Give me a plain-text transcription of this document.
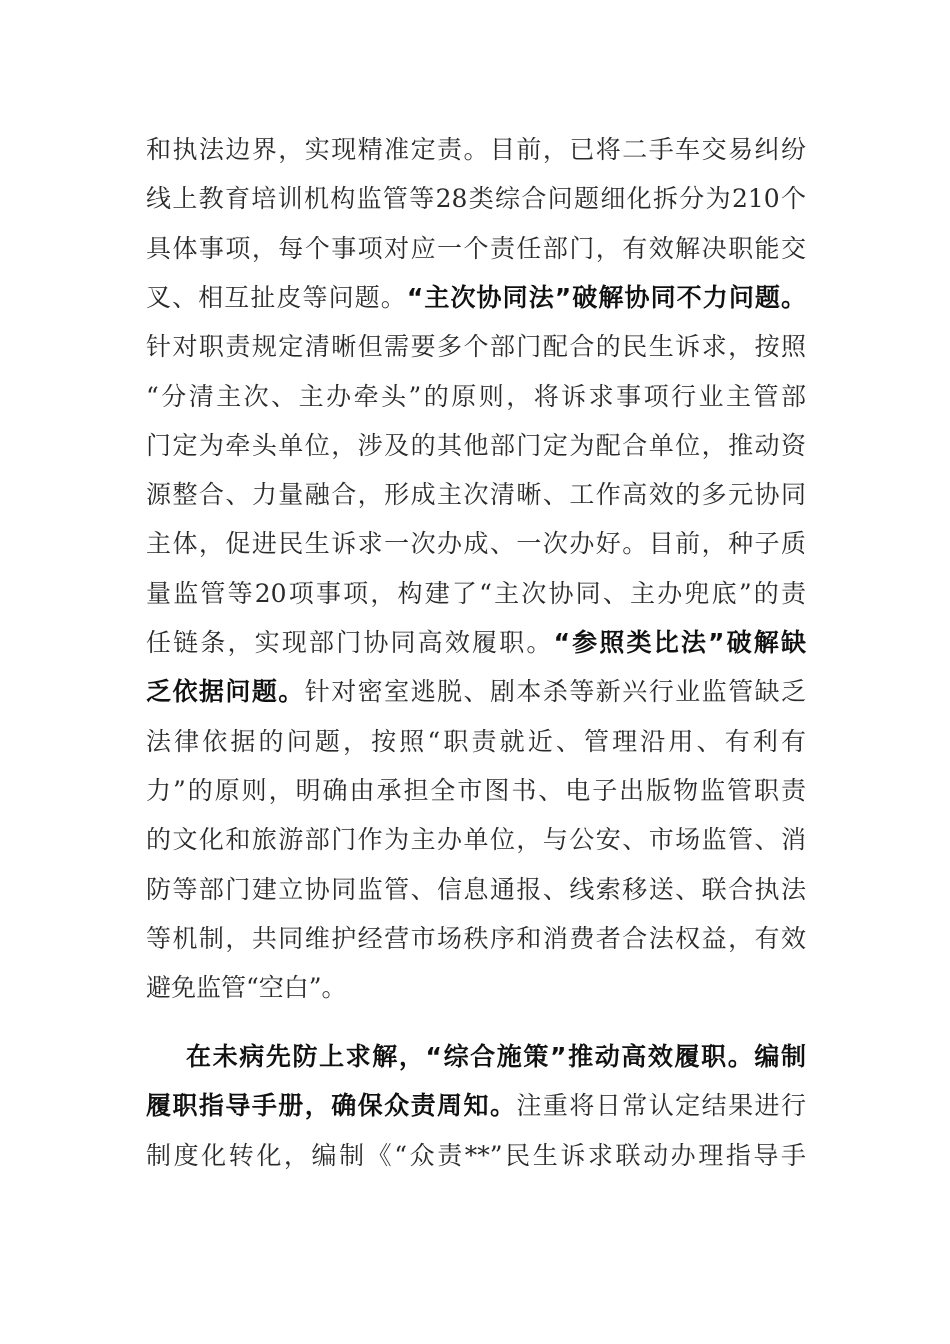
和执法边界，实现精准定责。目前，已将二手车交易纠纷
线上教育培训机构监管等28类综合问题细化拆分为210个
具体事项，每个事项对应一个责任部门，有效解决职能交
叉、相互扯皮等问题。“主次协同法”破解协同不力问题。
针对职责规定清晰但需要多个部门配合的民生诉求，按照
“分清主次、主办牵头”的原则，将诉求事项行业主管部
门定为牵头单位，涉及的其他部门定为配合单位，推动资
源整合、力量融合，形成主次清晰、工作高效的多元协同
主体，促进民生诉求一次办成、一次办好。目前，种子质
量监管等20项事项，构建了“主次协同、主办兜底”的责
任链条，实现部门协同高效履职。“参照类比法”破解缺
乏依据问题。针对密室逃脱、剧本杀等新兴行业监管缺乏
法律依据的问题，按照“职责就近、管理沿用、有利有
力”的原则，明确由承担全市图书、电子出版物监管职责
的文化和旅游部门作为主办单位，与公安、市场监管、消
防等部门建立协同监管、信息通报、线索移送、联合执法
等机制，共同维护经营市场秩序和消费者合法权益，有效
避免监管“空白”。
在未病先防上求解，“综合施策”推动高效履职。编制
履职指导手册，确保众责周知。注重将日常认定结果进行
制度化转化，编制《“众责**”民生诉求联动办理指导手
